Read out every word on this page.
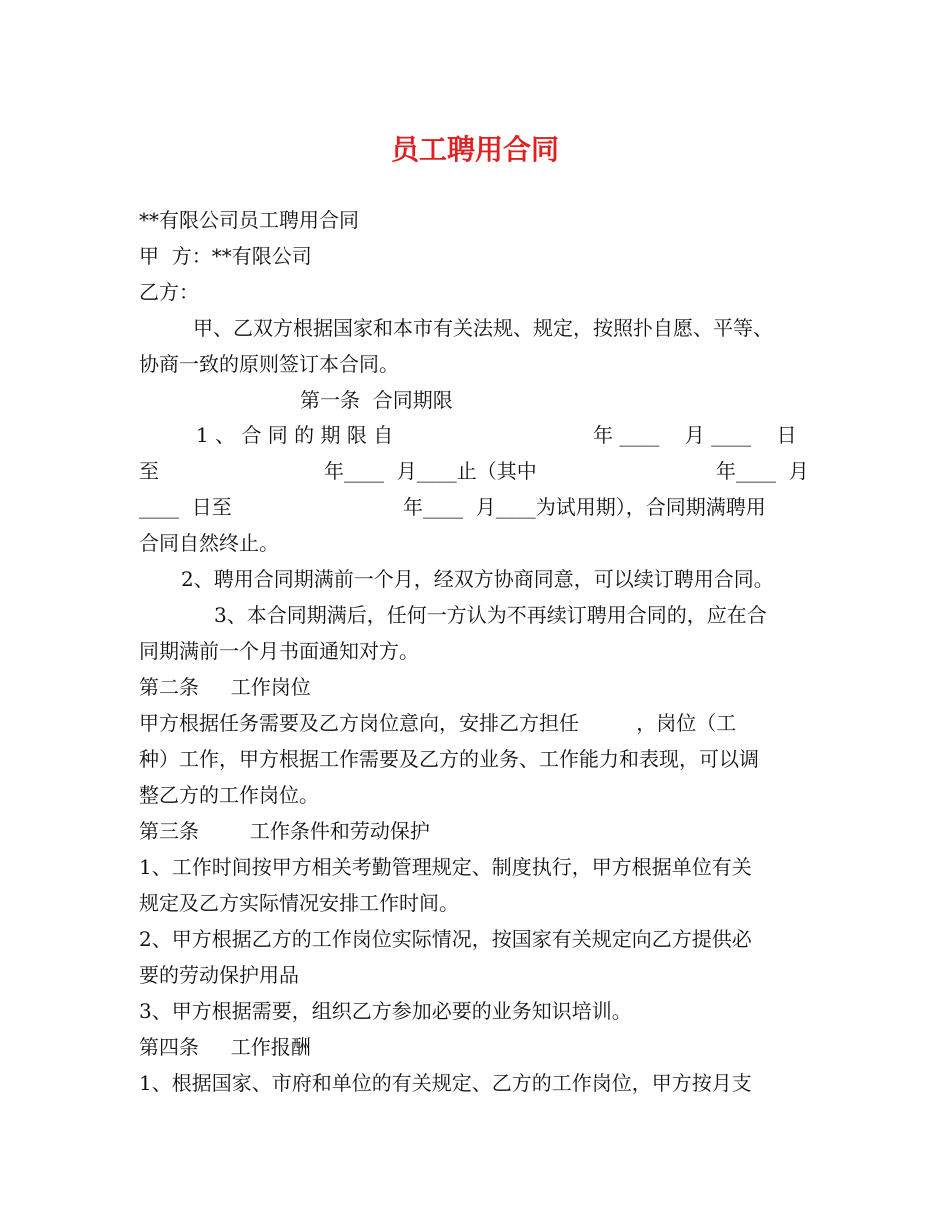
员工聘用合同
**有限公司员工聘用合同
甲  方：**有限公司
乙方：
甲、乙双方根据国家和本市有关法规、规定，按照扑自愿、平等、
协商一致的原则签订本合同。
第一条  合同期限
1 、 合 同 的 期 限 自	年 ____    月 ____    日
至	年____  月____止（其中	年____  月
____  日至	年____  月____为试用期），合同期满聘用
合同自然终止。
2、聘用合同期满前一个月，经双方协商同意，可以续订聘用合同。
3、本合同期满后，任何一方认为不再续订聘用合同的，应在合
同期满前一个月书面通知对方。
第二条     工作岗位
甲方根据任务需要及乙方岗位意向，安排乙方担任         ，岗位（工
种）工作，甲方根据工作需要及乙方的业务、工作能力和表现，可以调
整乙方的工作岗位。
第三条        工作条件和劳动保护
1、工作时间按甲方相关考勤管理规定、制度执行，甲方根据单位有关
规定及乙方实际情况安排工作时间。
2、甲方根据乙方的工作岗位实际情况，按国家有关规定向乙方提供必
要的劳动保护用品
3、甲方根据需要，组织乙方参加必要的业务知识培训。
第四条     工作报酬
1、根据国家、市府和单位的有关规定、乙方的工作岗位，甲方按月支
